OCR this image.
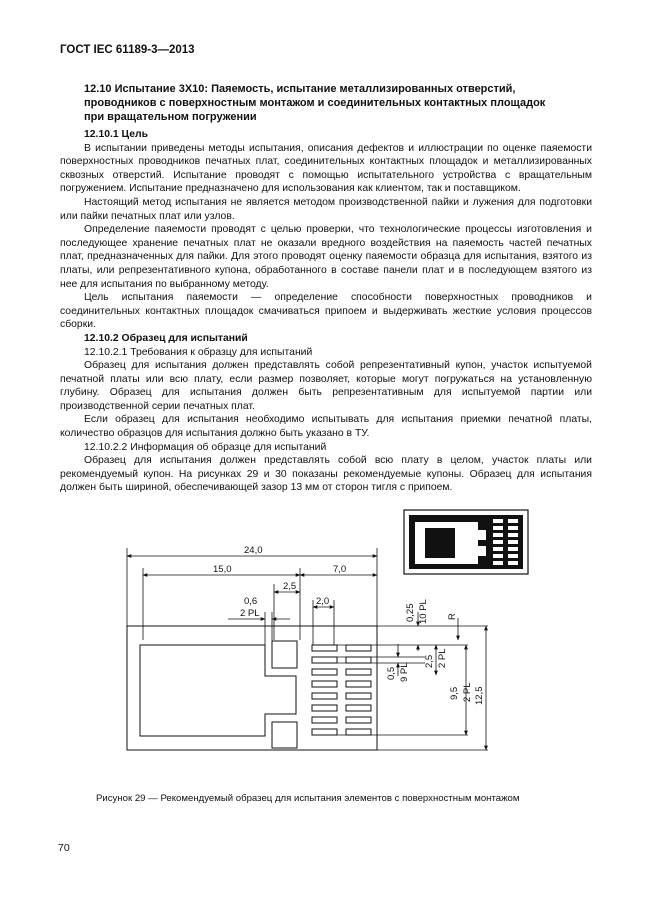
ГОСТ IEC 61189-3—2013
12.10 Испытание 3X10: Паяемость, испытание металлизированных отверстий,
проводников с поверхностным монтажом и соединительных контактных площадок
при вращательном погружении

12.10.1 Цель

В испытании приведены методы испытания, описания дефектов и иллюстрации по оценке паяемости поверхностных проводников печатных плат, соединительных контактных площадок и металлизированных сквозных отверстий. Испытание проводят с помощью испытательного устройства с вращательным погружением. Испытание предназначено для использования как клиентом, так и поставщиком.

Настоящий метод испытания не является методом производственной пайки и лужения для подготовки или пайки печатных плат или узлов.

Определение паяемости проводят с целью проверки, что технологические процессы изготовления и последующее хранение печатных плат не оказали вредного воздействия на паяемость частей печатных плат, предназначенных для пайки. Для этого проводят оценку паяемости образца для испытания, взятого из платы, или репрезентативного купона, обработанного в составе панели плат и в последующем взятого из нее для испытания по выбранному методу.

Цель испытания паяемости — определение способности поверхностных проводников и соединительных контактных площадок смачиваться припоем и выдерживать жесткие условия процессов сборки.

12.10.2 Образец для испытаний

12.10.2.1 Требования к образцу для испытаний

Образец для испытания должен представлять собой репрезентативный купон, участок испытуемой печатной платы или всю плату, если размер позволяет, которые могут погружаться на установленную глубину. Образец для испытания должен быть репрезентативным для испытуемой партии или производственной серии печатных плат.

Если образец для испытания необходимо испытывать для испытания приемки печатной платы, количество образцов для испытания должно быть указано в ТУ.

12.10.2.2 Информация об образце для испытаний

Образец для испытания должен представлять собой всю плату в целом, участок платы или рекомендуемый купон. На рисунках 29 и 30 показаны рекомендуемые купоны. Образец для испытания должен быть шириной, обеспечивающей зазор 13 мм от сторон тигля с припоем.

24,0
15,0	7,0
2,5
2,0
0,6
2 PL	0,25 10 PL R
0,5 9 PL
2,5 2 PL
9,5 2 PL 12,5
Рисунок 29 — Рекомендуемый образец для испытания элементов с поверхностным монтажом
70
